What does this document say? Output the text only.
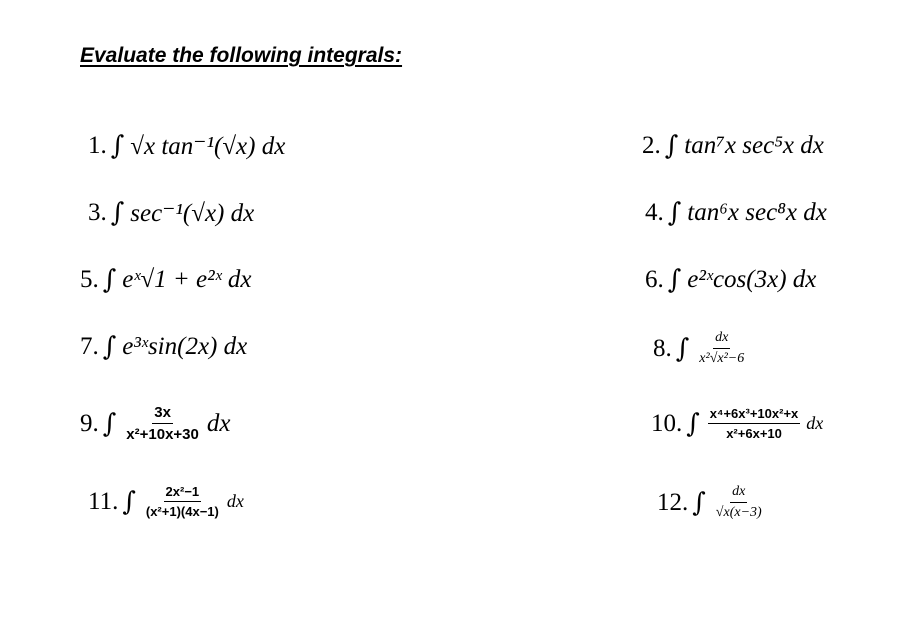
Evaluate the following integrals:
1. ∫ √x tan⁻¹(√x) dx	2. ∫ tan⁷x sec⁵x dx
3. ∫ sec⁻¹(√x) dx	4. ∫ tan⁶x sec⁸x dx
5. ∫ eˣ√1 + e²ˣ dx	6. ∫ e²ˣcos(3x) dx
7. ∫ e³ˣsin(2x) dx	8. ∫ $\frac{dx}{\text{x²√x²−6}}$
9. ∫ $\frac{3x}{\text{x²+10x+30}}$ dx	10. ∫ $\frac{\text{x⁴+6x³+10x²+x}}{\text{x²+6x+10}}$ dx
11. ∫ $\frac{\text{2x²−1}}{\text{(x²+1)(4x−1)}}$ dx	12. ∫ $\frac{dx}{√x(x-3)}$
